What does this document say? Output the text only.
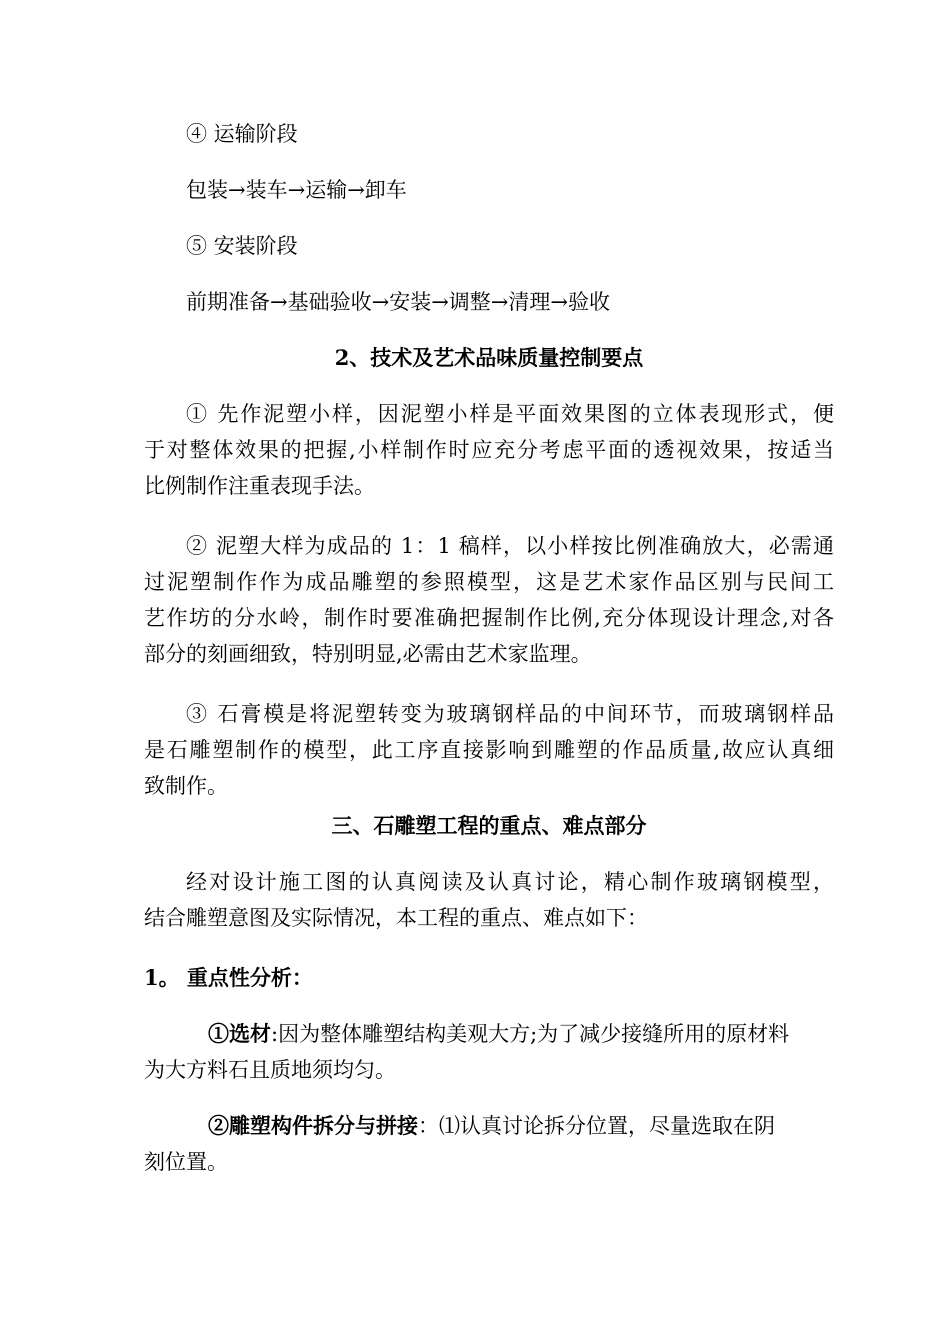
④ 运输阶段
包装→装车→运输→卸车
⑤ 安装阶段
前期准备→基础验收→安装→调整→清理→验收
2、技术及艺术品味质量控制要点
① 先作泥塑小样，因泥塑小样是平面效果图的立体表现形式，便
于对整体效果的把握,小样制作时应充分考虑平面的透视效果，按适当
比例制作注重表现手法。
② 泥塑大样为成品的 1：1 稿样，以小样按比例准确放大，必需通
过泥塑制作作为成品雕塑的参照模型，这是艺术家作品区别与民间工
艺作坊的分水岭，制作时要准确把握制作比例,充分体现设计理念,对各
部分的刻画细致，特别明显,必需由艺术家监理。
③ 石膏模是将泥塑转变为玻璃钢样品的中间环节，而玻璃钢样品
是石雕塑制作的模型，此工序直接影响到雕塑的作品质量,故应认真细
致制作。
三、石雕塑工程的重点、难点部分
经对设计施工图的认真阅读及认真讨论，精心制作玻璃钢模型，
结合雕塑意图及实际情况，本工程的重点、难点如下：
1。 重点性分析：
①选材:因为整体雕塑结构美观大方;为了减少接缝所用的原材料
为大方料石且质地须均匀。
②雕塑构件拆分与拼接：⑴认真讨论拆分位置，尽量选取在阴
刻位置。
